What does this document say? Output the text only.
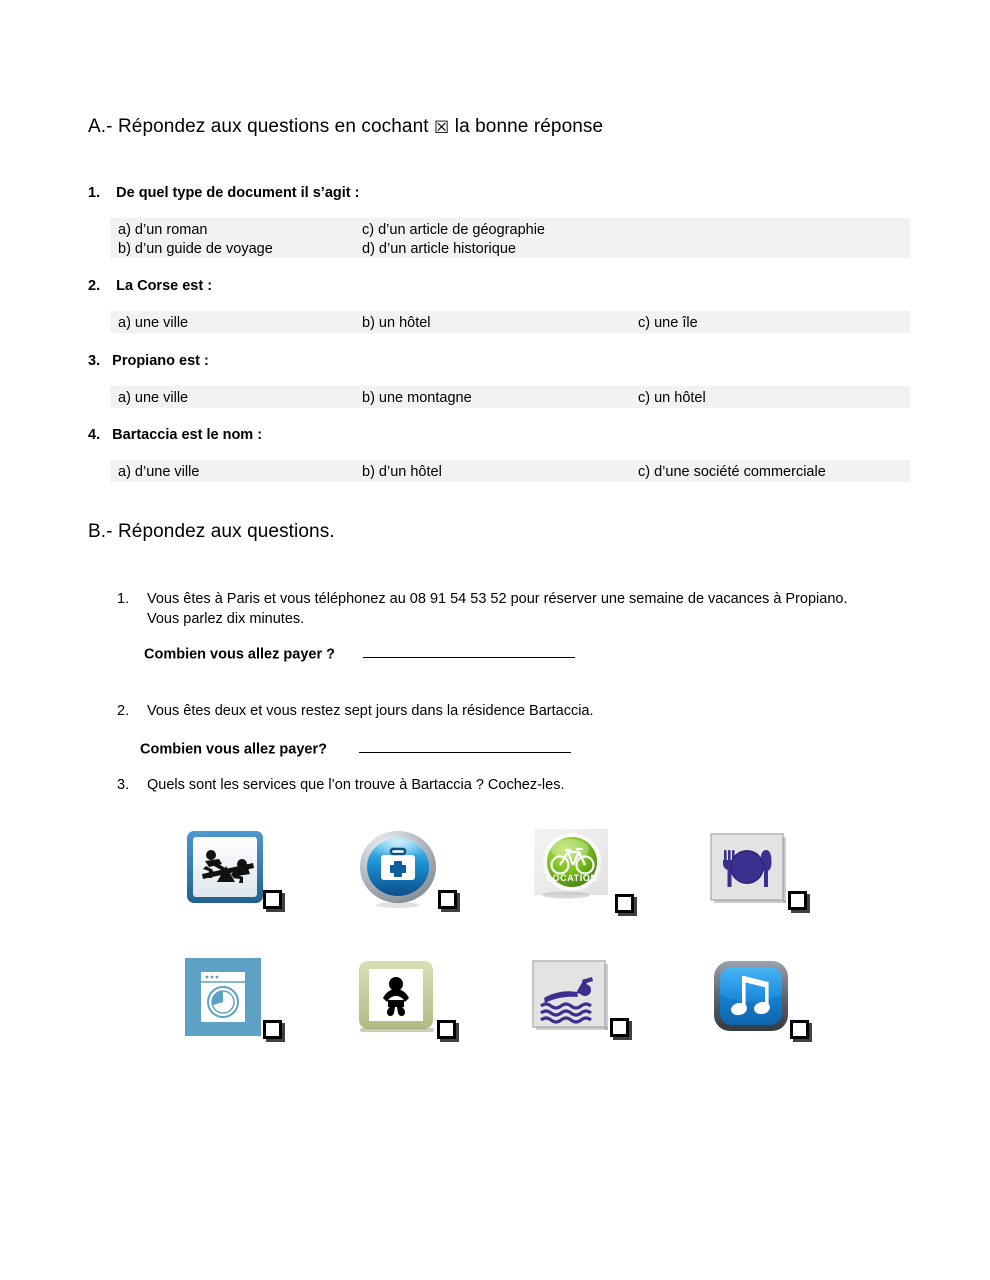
A.- Répondez aux questions en cochant ☒ la bonne réponse
1. De quel type de document il s’agit :
a) d’un roman	c) d’un article de géographie
b) d’un guide de voyage	d) d’un article historique
2. La Corse est :
a) une ville	b) un hôtel	c) une île
3. Propiano est :
a) une ville	b) une montagne	c) un hôtel
4. Bartaccia est le nom :
a) d’une ville	b) d’un hôtel	c) d’une société commerciale
B.- Répondez aux questions.
1. Vous êtes à Paris et vous téléphonez au 08 91 54 53 52 pour réserver une semaine de vacances à Propiano. Vous parlez dix minutes.
Combien vous allez payer ?
2. Vous êtes deux et vous restez sept jours dans la résidence Bartaccia.
Combien vous allez payer?
3. Quels sont les services que l’on trouve à Bartaccia ? Cochez-les.
LOCATION
